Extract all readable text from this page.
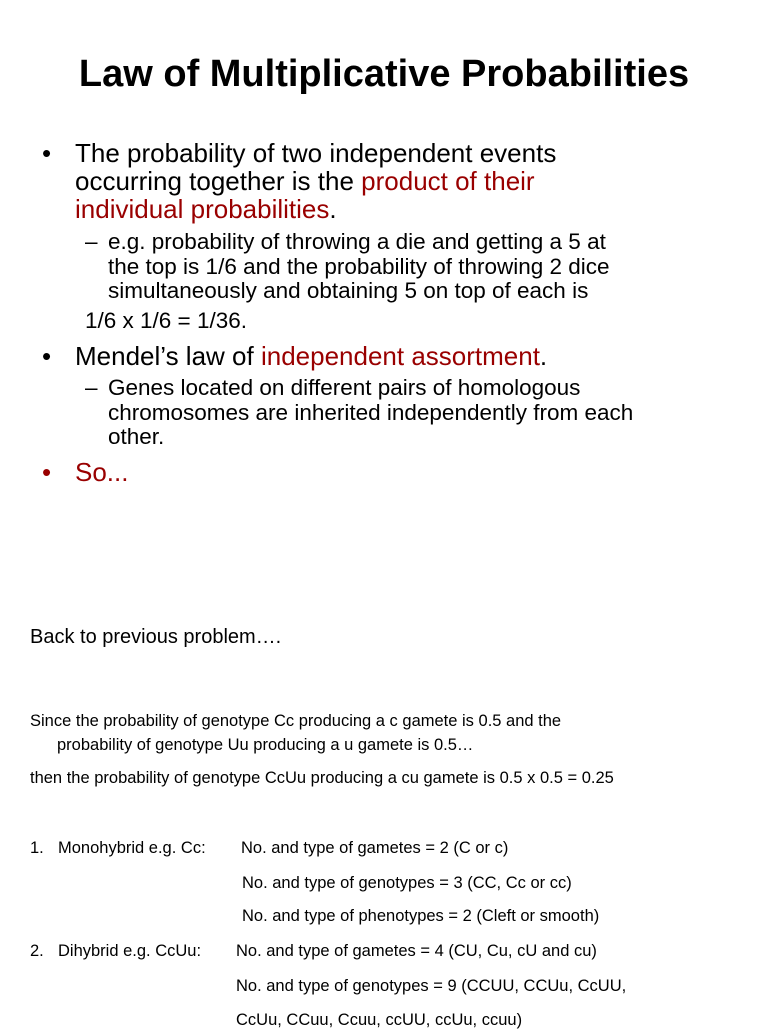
Law of Multiplicative Probabilities
• The probability of two independent events
occurring together is the product of their
individual probabilities.
– e.g. probability of throwing a die and getting a 5 at
the top is 1/6 and the probability of throwing 2 dice
simultaneously and obtaining 5 on top of each is
1/6 x 1/6 = 1/36.
• Mendel’s law of independent assortment.
– Genes located on different pairs of homologous
chromosomes are inherited independently from each
other.
• So...
Back to previous problem….
Since the probability of genotype Cc producing a c gamete is 0.5 and the
probability of genotype Uu producing a u gamete is 0.5…
then the probability of genotype CcUu producing a cu gamete is 0.5 x 0.5 = 0.25
1. Monohybrid e.g. Cc: No. and type of gametes = 2 (C or c)
No. and type of genotypes = 3 (CC, Cc or cc)
No. and type of phenotypes = 2 (Cleft or smooth)
2. Dihybrid e.g. CcUu: No. and type of gametes = 4 (CU, Cu, cU and cu)
No. and type of genotypes = 9 (CCUU, CCUu, CcUU,
CcUu, CCuu, Ccuu, ccUU, ccUu, ccuu)
